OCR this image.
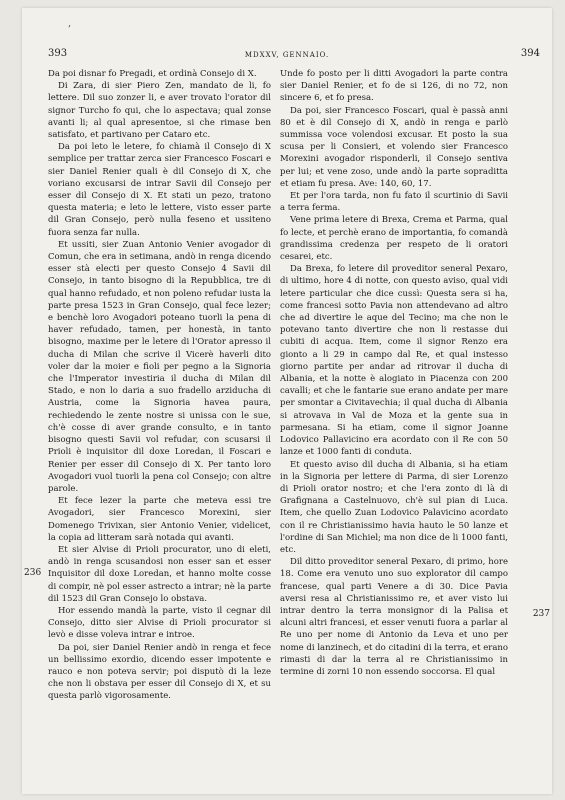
,
393	MDXXV, GENNAIO.	394

Da poi disnar fo Pregadi, et ordinà Consejo di X.

Di Zara, di sier Piero Zen, mandato de li, fo lettere. Dil suo zonzer li, e aver trovato l'orator dil signor Turcho fo qui, che lo aspectava; qual zonse avanti li; al qual apresentoe, si che rimase ben satisfato, et partivano per Cataro etc.

Da poi leto le letere, fo chiamà il Consejo di X semplice per trattar zerca sier Francesco Foscari e sier Daniel Renier quali è dil Consejo di X, che voriano excusarsi de intrar Savii dil Consejo per esser dil Consejo di X. Et stati un pezo, tratono questa materia; e leto le lettere, visto esser parte dil Gran Consejo, però nulla feseno et ussiteno fuora senza far nulla.

Et ussiti, sier Zuan Antonio Venier avogador di Comun, che era in setimana, andò in renga dicendo esser stà electi per questo Consejo 4 Savii dil Consejo, in tanto bisogno di la Repubblica, tre di qual hanno refudado, et non poleno refudar iusta la parte presa 1523 in Gran Consejo, qual fece lezer; e benchè loro Avogadori poteano tuorli la pena di haver refudado, tamen, per honestà, in tanto bisogno, maxime per le letere di l'Orator apresso il ducha di Milan che scrive il Vicerè haverli dito voler dar la moier e fioli per pegno a la Signoria che l'Imperator investiria il ducha di Milan dil Stado, e non lo daria a suo fradello arziducha di Austria, come la Signoria havea paura, rechiedendo le zente nostre si unissa con le sue, ch'è cosse di aver grande consulto, e in tanto bisogno questi Savii vol refudar, con scusarsi il Prioli è inquisitor dil doxe Loredan, il Foscari e Renier per esser dil Consejo di X. Per tanto loro Avogadori vuol tuorli la pena col Consejo; con altre parole.

Et fece lezer la parte che meteva essi tre Avogadori, sier Francesco Morexini, sier Domenego Trivixan, sier Antonio Venier, videlicet, la copia ad litteram sarà notada qui avanti.

Et sier Alvise di Prioli procurator, uno di eleti, andò in renga scusandosi non esser san et esser Inquisitor dil doxe Loredan, et hanno molte cosse di compir, nè pol esser astrecto a intrar; nè la parte dil 1523 dil Gran Consejo lo obstava.

Hor essendo mandà la parte, visto il cegnar dil Consejo, ditto sier Alvise di Prioli procurator si levò e disse voleva intrar e introe.

Da poi, sier Daniel Renier andò in renga et fece un bellissimo exordio, dicendo esser impotente e rauco e non poteva servir; poi disputò di la leze che non li obstava per esser dil Consejo di X, et su questa parlò vigorosamente.

Unde fo posto per li ditti Avogadori la parte contra sier Daniel Renier, et fo de si 126, di no 72, non sincere 6, et fo presa.

Da poi, sier Francesco Foscari, qual è passà anni 80 et è dil Consejo di X, andò in renga e parlò summissa voce volendosi excusar. Et posto la sua scusa per li Consieri, et volendo sier Francesco Morexini avogador risponderli, il Consejo sentiva per lui; et vene zoso, unde andò la parte sopraditta et etiam fu presa. Ave: 140, 60, 17.

Et per l'ora tarda, non fu fato il scurtinio di Savii a terra ferma.

Vene prima letere di Brexa, Crema et Parma, qual fo lecte, et perchè erano de importantia, fo comandà grandissima credenza per respeto de li oratori cesarei, etc.

Da Brexa, fo letere dil proveditor seneral Pexaro, di ultimo, hore 4 di notte, con questo aviso, qual vidi letere particular che dice cussì: Questa sera si ha, come francesi sotto Pavia non attendevano ad altro che ad divertire le aque del Tecino; ma che non le potevano tanto divertire che non li restasse dui cubiti di acqua. Item, come il signor Renzo era gionto a li 29 in campo dal Re, et qual instesso giorno partite per andar ad ritrovar il ducha di Albania, et la notte è alogiato in Piacenza con 200 cavalli; et che le fantarie sue erano andate per mare per smontar a Civitavechia; il qual ducha di Albania si atrovava in Val de Moza et la gente sua in parmesana. Si ha etiam, come il signor Joanne Lodovico Pallavicino era acordato con il Re con 50 lanze et 1000 fanti di conduta.

Et questo aviso dil ducha di Albania, si ha etiam in la Signoria per lettere di Parma, di sier Lorenzo di Prioli orator nostro; et che l'era zonto di là di Grafignana a Castelnuovo, ch'è sul pian di Luca. Item, che quello Zuan Lodovico Palavicino acordato con il re Christianissimo havia hauto le 50 lanze et l'ordine di San Michiel; ma non dice de li 1000 fanti, etc.

Dil ditto proveditor seneral Pexaro, di primo, hore 18. Come era venuto uno suo explorator dil campo francese, qual parti Venere a di 30. Dice Pavia aversi resa al Christianissimo re, et aver visto lui intrar dentro la terra monsignor di la Palisa et alcuni altri francesi, et esser venuti fuora a parlar al Re uno per nome di Antonio da Leva et uno per nome di lanzinech, et do citadini di la terra, et erano rimasti di dar la terra al re Christianissimo in termine di zorni 10 non essendo soccorsa. El qual

236
237
